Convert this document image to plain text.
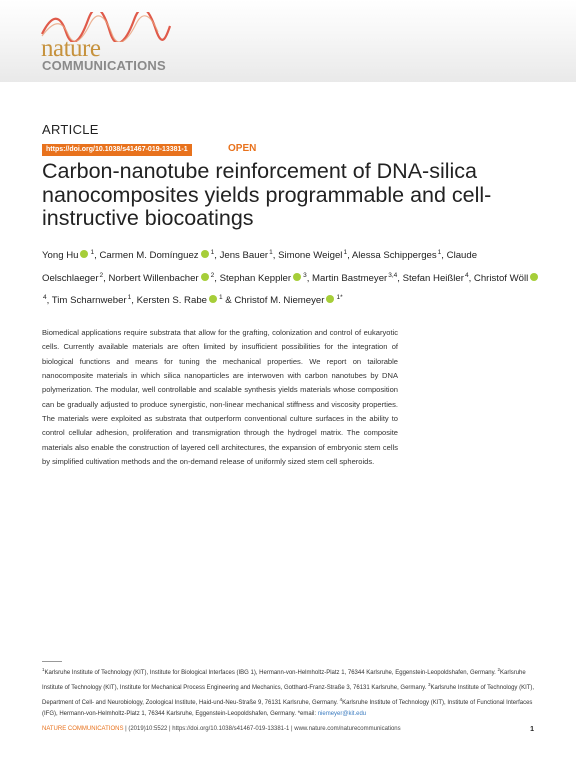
nature
COMMUNICATIONS
ARTICLE
https://doi.org/10.1038/s41467-019-13381-1	OPEN
Carbon-nanotube reinforcement of DNA-silica nanocomposites yields programmable and cell-instructive biocoatings
Yong Hu $^1$, Carmen M. Domínguez $^1$, Jens Bauer$^1$, Simone Weigel$^1$, Alessa Schipperges$^1$, Claude Oelschlaeger$^2$, Norbert Willenbacher $^2$, Stephan Keppler $^3$, Martin Bastmeyer$^{3,4}$, Stefan Heißler$^4$, Christof Wöll$^4$, Tim Scharnweber$^1$, Kersten S. Rabe $^1$ & Christof M. Niemeyer $^{1*}$

Biomedical applications require substrata that allow for the grafting, colonization and control of eukaryotic cells. Currently available materials are often limited by insufficient possibilities for the integration of biological functions and means for tuning the mechanical properties. We report on tailorable nanocomposite materials in which silica nanoparticles are interwoven with carbon nanotubes by DNA polymerization. The modular, well controllable and scalable synthesis yields materials whose composition can be gradually adjusted to produce synergistic, non-linear mechanical stiffness and viscosity properties. The materials were exploited as substrata that outperform conventional culture surfaces in the ability to control cellular adhesion, proliferation and transmigration through the hydrogel matrix. The composite materials also enable the construction of layered cell architectures, the expansion of embryonic stem cells by simplified cultivation methods and the on-demand release of uniformly sized stem cell spheroids.

$^1$Karlsruhe Institute of Technology (KIT), Institute for Biological Interfaces (IBG 1), Hermann-von-Helmholtz-Platz 1, 76344 Karlsruhe, Eggenstein-Leopoldshafen, Germany. $^2$Karlsruhe Institute of Technology (KIT), Institute for Mechanical Process Engineering and Mechanics, Gotthard-Franz-Straße 3, 76131 Karlsruhe, Germany. $^3$Karlsruhe Institute of Technology (KIT), Department of Cell- and Neurobiology, Zoological Institute, Haid-und-Neu-Straße 9, 76131 Karlsruhe, Germany. $^4$Karlsruhe Institute of Technology (KIT), Institute of Functional Interfaces (IFG), Hermann-von-Helmholtz-Platz 1, 76344 Karlsruhe, Eggenstein-Leopoldshafen, Germany. *email: niemeyer@kit.edu
NATURE COMMUNICATIONS | (2019)10:5522 | https://doi.org/10.1038/s41467-019-13381-1 | www.nature.com/naturecommunications	1
